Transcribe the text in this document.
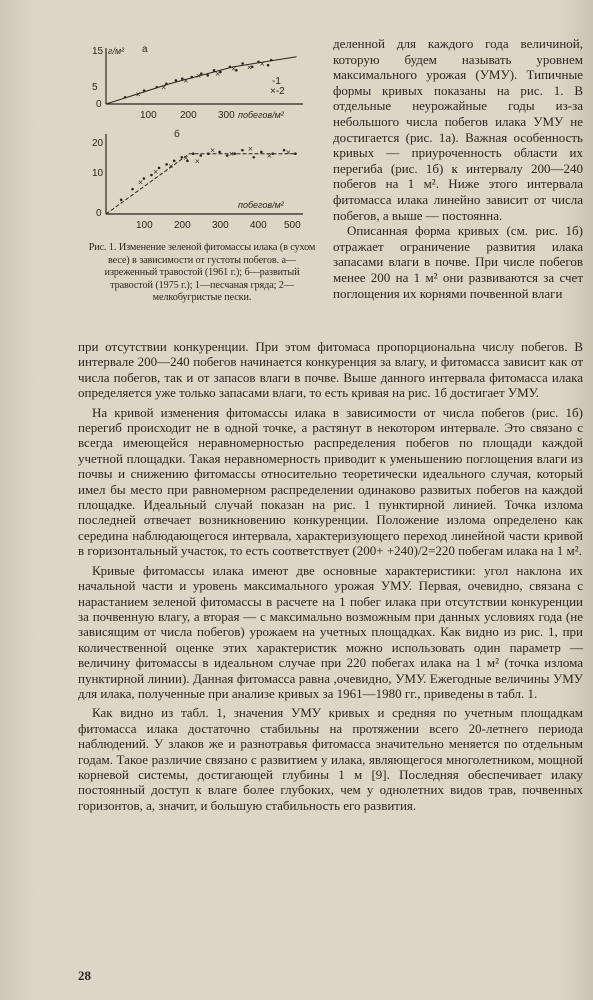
15 г/м² а
5
0
100 200 300 побегов/м²
-1
×-2
×
×
×
× ×
× × ×
б
20
10
0
побегов/м²
100 200 300 400 500
×
×
×
× ×
× ×
×
× ×
Рис. 1. Изменение зеленой фитомассы илака (в сухом весе) в зависимости от густоты побегов. а—изреженный травостой (1961 г.); б—развитый травостой (1975 г.); 1—песчаная гряда; 2—мелкобугристые пески.

деленной для каждого года величиной, которую будем называть уровнем максимального урожая (УМУ). Типичные формы кривых показаны на рис. 1. В отдельные неурожайные годы из-за небольшого числа побегов илака УМУ не достигается (рис. 1а). Важная особенность кривых — приуроченность области их перегиба (рис. 1б) к интервалу 200—240 побегов на 1 м². Ниже этого интервала фитомасса илака линейно зависит от числа побегов, а выше — постоянна.

Описанная форма кривых (см. рис. 1б) отражает ограничение развития илака запасами влаги в почве. При числе побегов менее 200 на 1 м² они развиваются за счет поглощения их корнями почвенной влаги

при отсутствии конкуренции. При этом фитомаса пропорциональна числу побегов. В интервале 200—240 побегов начинается конкуренция за влагу, и фитомасса зависит как от числа побегов, так и от запасов влаги в почве. Выше данного интервала фитомасса илака определяется уже только запасами влаги, то есть кривая на рис. 1б достигает УМУ.

На кривой изменения фитомассы илака в зависимости от числа побегов (рис. 1б) перегиб происходит не в одной точке, а растянут в некотором интервале. Это связано с всегда имеющейся неравномерностью распределения побегов по площади каждой учетной площадки. Такая неравномерность приводит к уменьшению поглощения влаги из почвы и снижению фитомассы относительно теоретически идеального случая, который имел бы место при равномерном распределении одинаково развитых побегов на каждой площадке. Идеальный случай показан на рис. 1 пунктирной линией. Точка излома последней отвечает возникновению конкуренции. Положение излома определено как середина наблюдающегося интервала, характеризующего переход линейной части кривой в горизонтальный участок, то есть соответствует (200+ +240)/2=220 побегам илака на 1 м².

Кривые фитомассы илака имеют две основные характеристики: угол наклона их начальной части и уровень максимального урожая УМУ. Первая, очевидно, связана с нарастанием зеленой фитомассы в расчете на 1 побег илака при отсутствии конкуренции за почвенную влагу, а вторая — с максимально возможным при данных условиях года (не зависящим от числа побегов) урожаем на учетных площадках. Как видно из рис. 1, при количественной оценке этих характеристик можно использовать один параметр — величину фитомассы в идеальном случае при 220 побегах илака на 1 м² (точка излома пунктирной линии). Данная фитомасса равна ,очевидно, УМУ. Ежегодные величины УМУ для илака, полученные при анализе кривых за 1961—1980 гг., приведены в табл. 1.

Как видно из табл. 1, значения УМУ кривых и средняя по учетным площадкам фитомасса илака достаточно стабильны на протяжении всего 20-летнего периода наблюдений. У злаков же и разнотравья фитомасса значительно меняется по отдельным годам. Такое различие связано с развитием у илака, являющегося многолетником, мощной корневой системы, достигающей глубины 1 м [9]. Последняя обеспечивает илаку постоянный доступ к влаге более глубоких, чем у однолетних видов трав, почвенных горизонтов, а, значит, и большую стабильность его развития.

28
